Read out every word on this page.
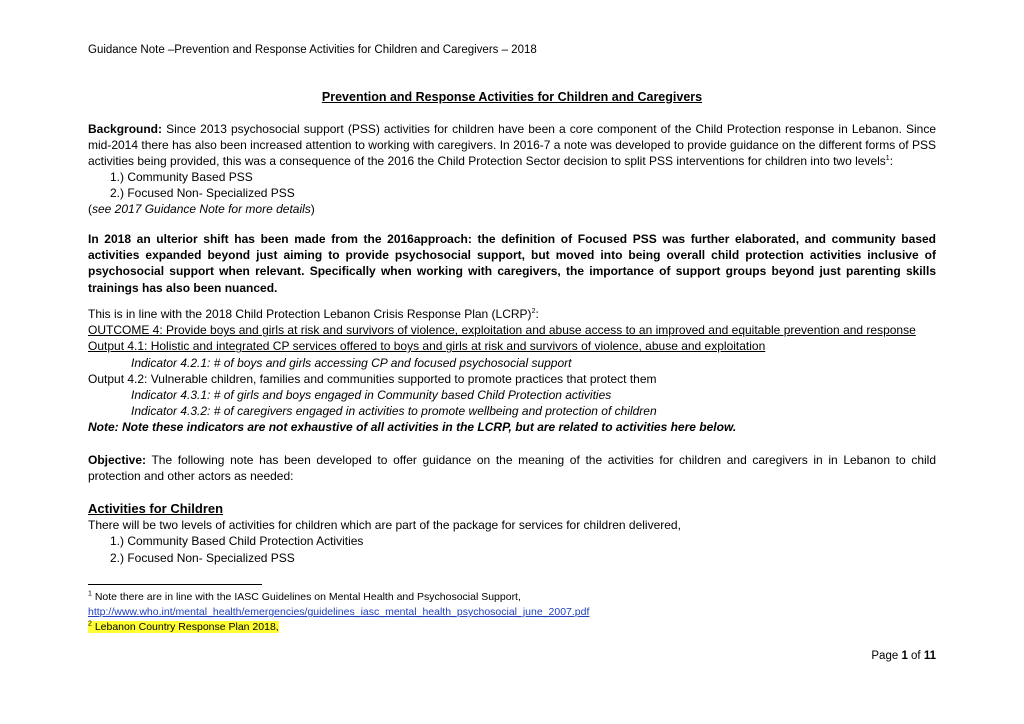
Guidance Note –Prevention and Response Activities for Children and Caregivers – 2018
Prevention and Response Activities for Children and Caregivers
Background: Since 2013 psychosocial support (PSS) activities for children have been a core component of the Child Protection response in Lebanon. Since mid-2014 there has also been increased attention to working with caregivers. In 2016-7 a note was developed to provide guidance on the different forms of PSS activities being provided, this was a consequence of the 2016 the Child Protection Sector decision to split PSS interventions for children into two levels$^1$:
1.) Community Based PSS
2.) Focused Non- Specialized PSS
(see 2017 Guidance Note for more details)
In 2018 an ulterior shift has been made from the 2016approach: the definition of Focused PSS was further elaborated, and community based activities expanded beyond just aiming to provide psychosocial support, but moved into being overall child protection activities inclusive of psychosocial support when relevant. Specifically when working with caregivers, the importance of support groups beyond just parenting skills trainings has also been nuanced.
This is in line with the 2018 Child Protection Lebanon Crisis Response Plan (LCRP)$^2$:
OUTCOME 4: Provide boys and girls at risk and survivors of violence, exploitation and abuse access to an improved and equitable prevention and response
Output 4.1: Holistic and integrated CP services offered to boys and girls at risk and survivors of violence, abuse and exploitation
Indicator 4.2.1: # of boys and girls accessing CP and focused psychosocial support
Output 4.2: Vulnerable children, families and communities supported to promote practices that protect them
Indicator 4.3.1: # of girls and boys engaged in Community based Child Protection activities
Indicator 4.3.2: # of caregivers engaged in activities to promote wellbeing and protection of children
Note: Note these indicators are not exhaustive of all activities in the LCRP, but are related to activities here below.
Objective: The following note has been developed to offer guidance on the meaning of the activities for children and caregivers in in Lebanon to child protection and other actors as needed:
Activities for Children
There will be two levels of activities for children which are part of the package for services for children delivered,
1.) Community Based Child Protection Activities
2.) Focused Non- Specialized PSS
$^1$ Note there are in line with the IASC Guidelines on Mental Health and Psychosocial Support,
http://www.who.int/mental_health/emergencies/guidelines_iasc_mental_health_psychosocial_june_2007.pdf
$^2$ Lebanon Country Response Plan 2018,
Page 1 of 11
